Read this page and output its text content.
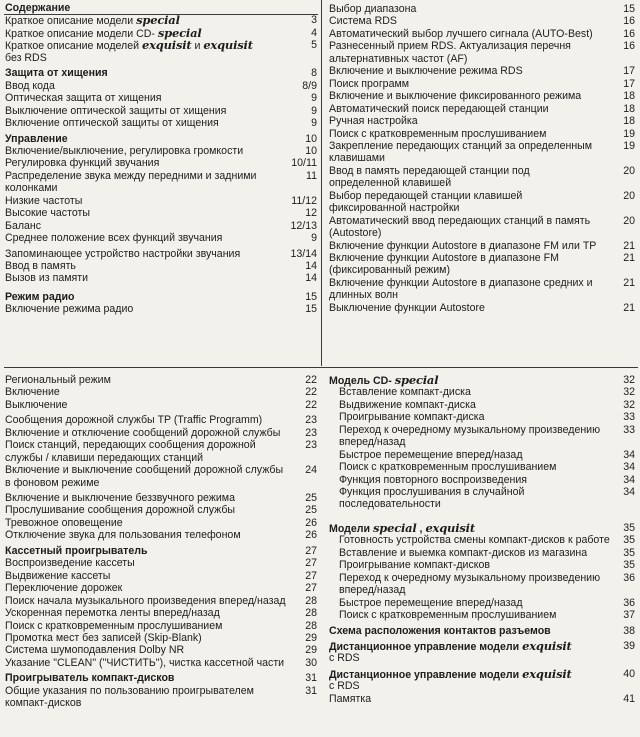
Содержание
Краткое описание модели special	3
Краткое описание модели CD- special	4
Краткое описание моделей exquisit и exquisit	5
без RDS
Защита от хищения	8
Ввод кода	8/9
Оптическая защита от хищения	9
Выключение оптической защиты от хищения	9
Включение оптической защиты от хищения	9
Управление	10
Включение/выключение, регулировка громкости	10
Регулировка функций звучания	10/11
Распределение звука между передними и задними	11
колонками
Низкие частоты	11/12
Высокие частоты	12
Баланс	12/13
Среднее положение всех функций звучания	9
Запоминающее устройство настройки звучания	13/14
Ввод в память	14
Вызов из памяти	14
Режим радио	15
Включение режима радио	15
Выбор диапазона	15
Система RDS	16
Автоматический выбор лучшего сигнала (AUTO-Best)	16
Разнесенный прием RDS. Актуализация перечня	16
альтернативных частот (AF)
Включение и выключение режима RDS	17
Поиск программ	17
Включение и выключение фиксированного режима	18
Автоматический поиск передающей станции	18
Ручная настройка	18
Поиск с кратковременным прослушиванием	19
Закрепление передающих станций за определенным	19
клавишами
Ввод в память передающей станции под	20
определенной клавишей
Выбор передающей станции клавишей	20
фиксированной настройки
Автоматический ввод передающих станций в память	20
(Autostore)
Включение функции Autostore в диапазоне FM или TP	21
Включение функции Autostore в диапазоне FM	21
(фиксированный режим)
Включение функции Autostore в диапазоне средних и	21
длинных волн
Выключение функции Autostore	21
Региональный режим	22
Включение	22
Выключение	22
Сообщения дорожной службы TP (Traffic Programm)	23
Включение и отключение сообщений дорожной службы 23
Поиск станций, передающих сообщения дорожной	23
службы / клавиши передающих станций
Включение и выключение сообщений дорожной службы 24
в фоновом режиме
Включение и выключение беззвучного режима	25
Прослушивание сообщения дорожной службы	25
Тревожное оповещение	26
Отключение звука для пользования телефоном	26
Кассетный проигрыватель	27
Воспроизведение кассеты	27
Выдвижение кассеты	27
Переключение дорожек	27
Поиск начала музыкального произведения вперед/назад 28
Ускоренная перемотка ленты вперед/назад	28
Поиск с кратковременным прослушиванием	28
Промотка мест без записей (Skip-Blank)	29
Система шумоподавления Dolby NR	29
Указание "CLEAN" ("ЧИСТИТЬ"), чистка кассетной части 30
Проигрыватель компакт-дисков	31
Общие указания по пользованию проигрывателем	31
компакт-дисков
Модель CD- special	32
Вставление компакт-диска	32
Выдвижение компакт-диска	32
Проигрывание компакт-диска	33
Переход к очередному музыкальному произведению 33
вперед/назад
Быстрое перемещение вперед/назад	34
Поиск с кратковременным прослушиванием	34
Функция повторного воспроизведения	34
Функция прослушивания в случайной	34
последовательности
Модели special , exquisit	35
Готовность устройства смены компакт-дисков к работе 35
Вставление и выемка компакт-дисков из магазина	35
Проигрывание компакт-дисков	35
Переход к очередному музыкальному произведению 36
вперед/назад
Быстрое перемещение вперед/назад	36
Поиск с кратковременным прослушиванием	37
Схема расположения контактов разъемов	38
Дистанционное управление модели exquisit	39
с RDS
Дистанционное управление модели exquisit	40
с RDS
Памятка	41
